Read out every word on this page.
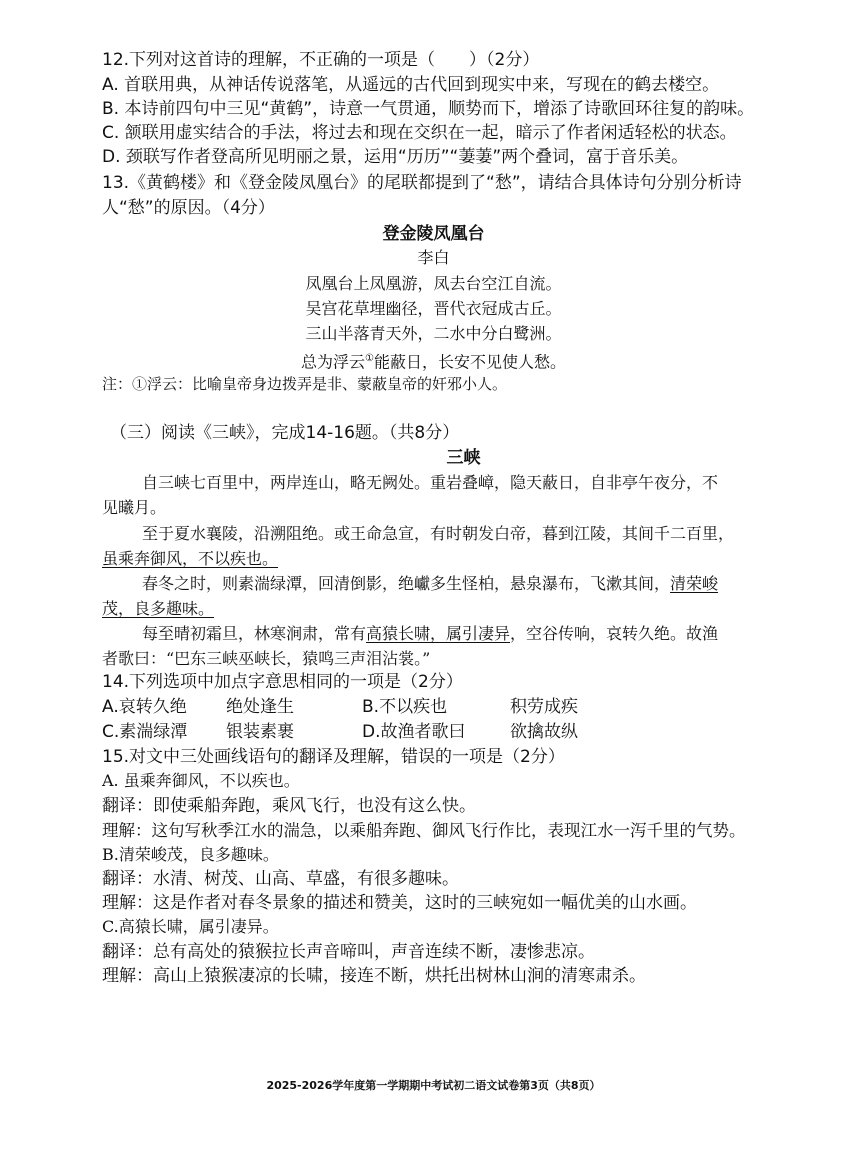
12.下列对这首诗的理解，不正确的一项是（　　）（2分）
A. 首联用典，从神话传说落笔，从遥远的古代回到现实中来，写现在的鹤去楼空。
B. 本诗前四句中三见“黄鹤”，诗意一气贯通，顺势而下，增添了诗歌回环往复的韵味。
C. 颔联用虚实结合的手法，将过去和现在交织在一起，暗示了作者闲适轻松的状态。
D. 颈联写作者登高所见明丽之景，运用“历历”“萋萋”两个叠词，富于音乐美。
13.《黄鹤楼》和《登金陵凤凰台》的尾联都提到了“愁”，请结合具体诗句分别分析诗
人“愁”的原因。（4分）
登金陵凤凰台
李白
凤凰台上凤凰游，凤去台空江自流。
吴宫花草埋幽径，晋代衣冠成古丘。
三山半落青天外，二水中分白鹭洲。
总为浮云①能蔽日，长安不见使人愁。
注：①浮云：比喻皇帝身边拨弄是非、蒙蔽皇帝的奸邪小人。
（三）阅读《三峡》，完成14-16题。（共8分）
三峡
自三峡七百里中，两岸连山，略无阙处。重岩叠嶂，隐天蔽日，自非亭午夜分，不
见曦月。
至于夏水襄陵，沿溯阻绝。或王命急宣，有时朝发白帝，暮到江陵，其间千二百里，
虽乘奔御风，不以疾也。
春冬之时，则素湍绿潭，回清倒影，绝巘多生怪柏，悬泉瀑布，飞漱其间，清荣峻
茂，良多趣味。
每至晴初霜旦，林寒涧肃，常有高猿长啸，属引凄异，空谷传响，哀转久绝。故渔
者歌曰：“巴东三峡巫峡长，猿鸣三声泪沾裳。”
14.下列选项中加点字意思相同的一项是（2分）
A.哀转久绝 绝处逢生	B.不以疾也	积劳成疾
C.素湍绿潭 银装素裹	D.故渔者歌曰	欲擒故纵
15.对文中三处画线语句的翻译及理解，错误的一项是（2分）
A. 虽乘奔御风，不以疾也。
翻译：即使乘船奔跑，乘风飞行，也没有这么快。
理解：这句写秋季江水的湍急，以乘船奔跑、御风飞行作比，表现江水一泻千里的气势。
B.清荣峻茂，良多趣味。
翻译：水清、树茂、山高、草盛，有很多趣味。
理解：这是作者对春冬景象的描述和赞美，这时的三峡宛如一幅优美的山水画。
C.高猿长啸，属引凄异。
翻译：总有高处的猿猴拉长声音啼叫，声音连续不断，凄惨悲凉。
理解：高山上猿猴凄凉的长啸，接连不断，烘托出树林山涧的清寒肃杀。
2025-2026学年度第一学期期中考试初二语文试卷第3页（共8页）
